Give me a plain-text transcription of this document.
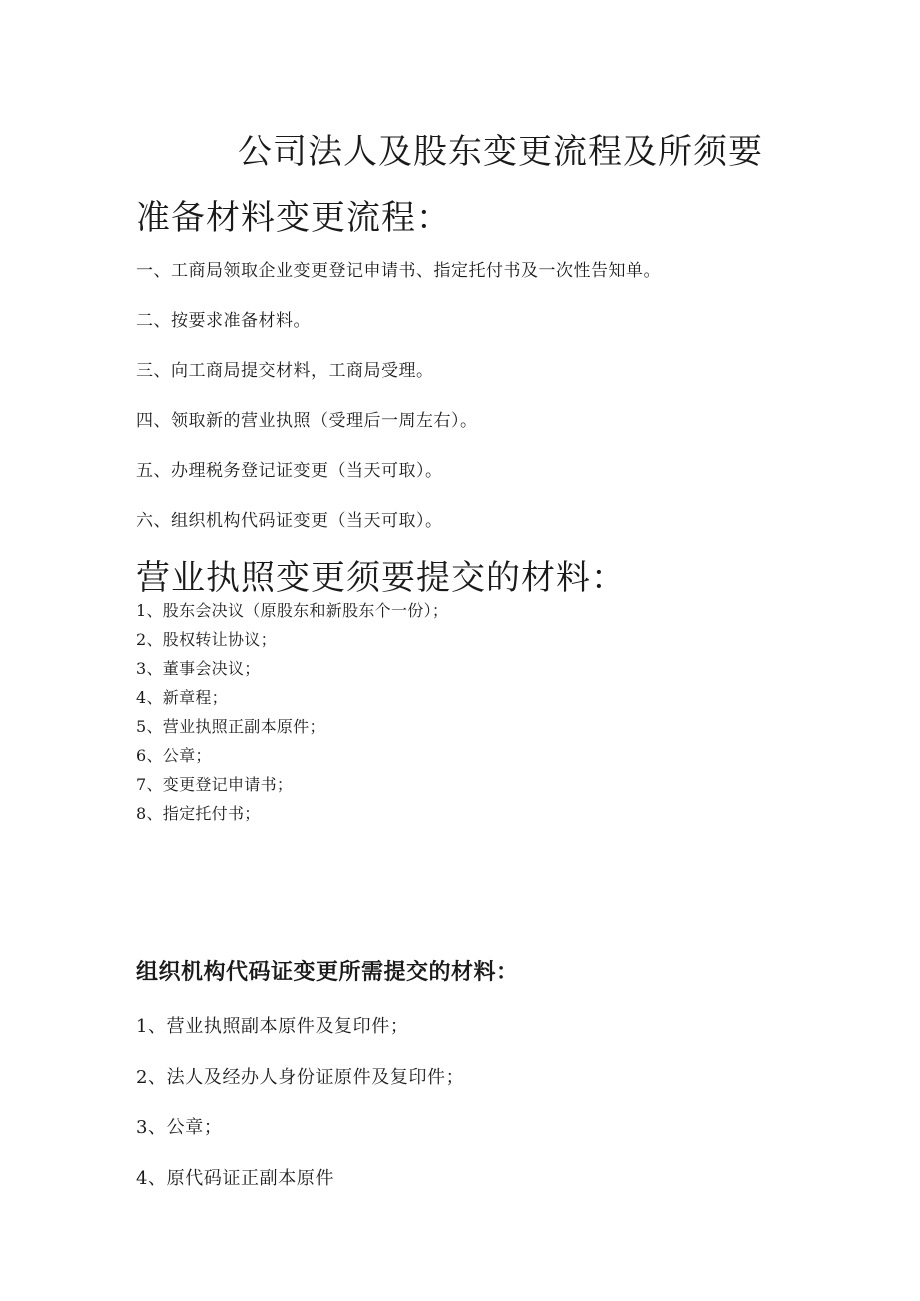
公司法人及股东变更流程及所须要
准备材料变更流程：

一、工商局领取企业变更登记申请书、指定托付书及一次性告知单。

二、按要求准备材料。

三、向工商局提交材料，工商局受理。

四、领取新的营业执照（受理后一周左右）。

五、办理税务登记证变更（当天可取）。

六、组织机构代码证变更（当天可取）。

营业执照变更须要提交的材料：

1、股东会决议（原股东和新股东个一份）；

2、股权转让协议；

3、董事会决议；

4、新章程；

5、营业执照正副本原件；

6、公章；

7、变更登记申请书；

8、指定托付书；

组织机构代码证变更所需提交的材料：

1、营业执照副本原件及复印件；

2、法人及经办人身份证原件及复印件；

3、公章；

4、原代码证正副本原件
